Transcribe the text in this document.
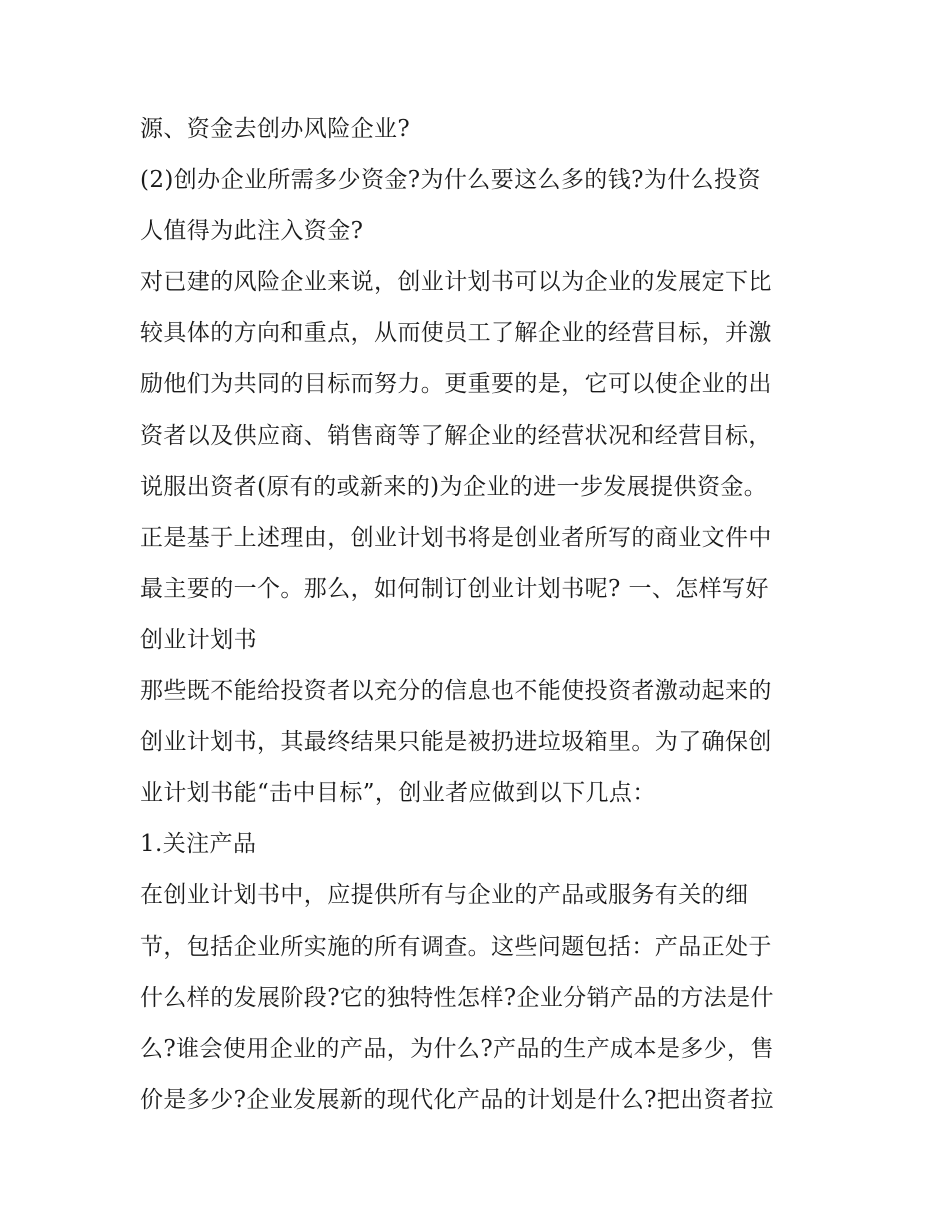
源、资金去创办风险企业?
(2)创办企业所需多少资金?为什么要这么多的钱?为什么投资
人值得为此注入资金?
对已建的风险企业来说，创业计划书可以为企业的发展定下比
较具体的方向和重点，从而使员工了解企业的经营目标，并激
励他们为共同的目标而努力。更重要的是，它可以使企业的出
资者以及供应商、销售商等了解企业的经营状况和经营目标，
说服出资者(原有的或新来的)为企业的进一步发展提供资金。
正是基于上述理由，创业计划书将是创业者所写的商业文件中
最主要的一个。那么，如何制订创业计划书呢? 一、怎样写好
创业计划书
那些既不能给投资者以充分的信息也不能使投资者激动起来的
创业计划书，其最终结果只能是被扔进垃圾箱里。为了确保创
业计划书能“击中目标”，创业者应做到以下几点：
1.关注产品
在创业计划书中，应提供所有与企业的产品或服务有关的细
节，包括企业所实施的所有调查。这些问题包括：产品正处于
什么样的发展阶段?它的独特性怎样?企业分销产品的方法是什
么?谁会使用企业的产品，为什么?产品的生产成本是多少，售
价是多少?企业发展新的现代化产品的计划是什么?把出资者拉
